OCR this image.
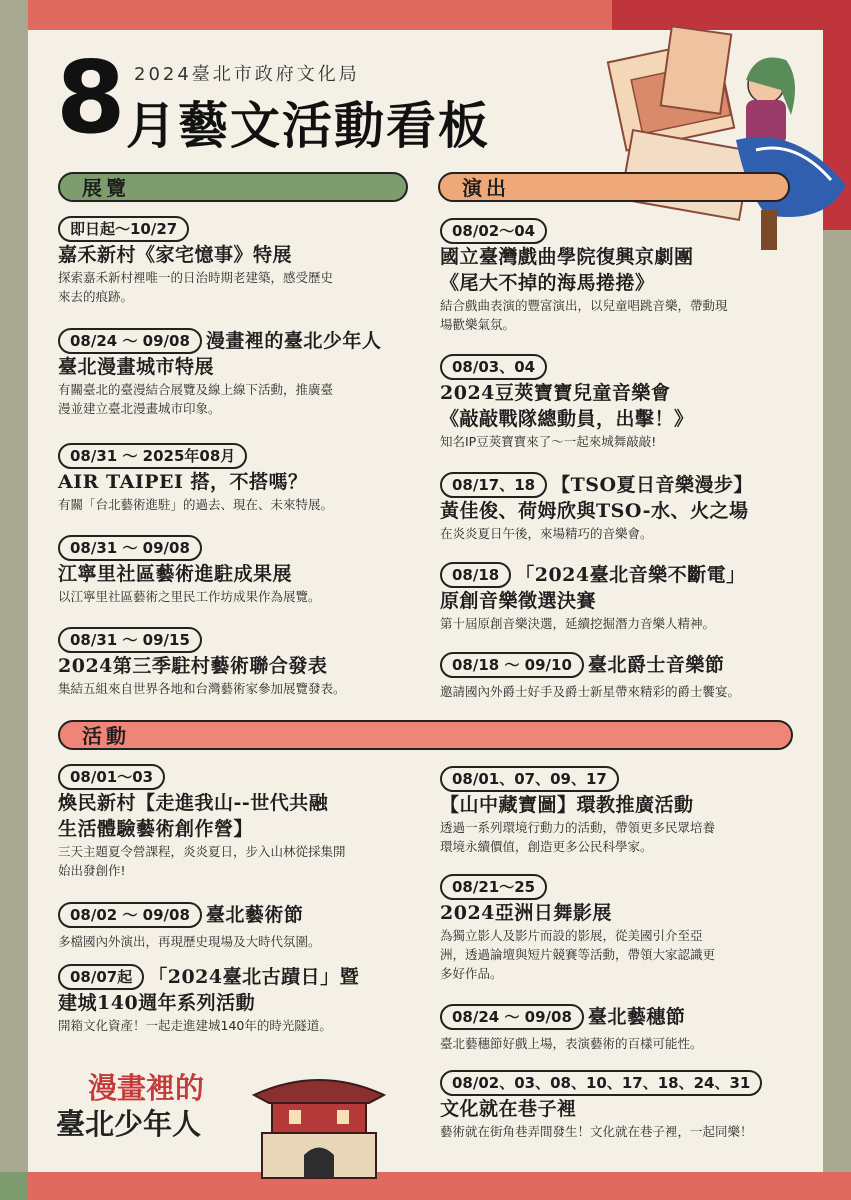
2024臺北市政府文化局
8 月藝文活動看板
展覽	演出
活動
即日起～10/27
嘉禾新村《家宅憶事》特展
探索嘉禾新村裡唯一的日治時期老建築，感受歷史
來去的痕跡。
08/24 ～ 09/08 漫畫裡的臺北少年人
臺北漫畫城市特展
有關臺北的臺漫結合展覽及線上線下活動，推廣臺
漫並建立臺北漫畫城市印象。
08/31 ～ 2025年08月
AIR TAIPEI 搭，不搭嗎？
有關「台北藝術進駐」的過去、現在、未來特展。
08/31 ～ 09/08
江寧里社區藝術進駐成果展
以江寧里社區藝術之里民工作坊成果作為展覽。
08/31 ～ 09/15
2024第三季駐村藝術聯合發表
集結五組來自世界各地和台灣藝術家參加展覽發表。
08/02～04
國立臺灣戲曲學院復興京劇團
《尾大不掉的海馬捲捲》
結合戲曲表演的豐富演出，以兒童唱跳音樂，帶動現
場歡樂氣氛。
08/03、04
2024豆莢寶寶兒童音樂會
《敲敲戰隊總動員，出擊！》
知名IP豆莢寶寶來了～一起來城舞敲敲!
08/17、18 【TSO夏日音樂漫步】
黃佳俊、荷姆欣與TSO-水、火之場
在炎炎夏日午後，來場精巧的音樂會。
08/18 「2024臺北音樂不斷電」
原創音樂徵選決賽
第十屆原創音樂決選，延續挖掘潛力音樂人精神。
08/18 ～ 09/10 臺北爵士音樂節
邀請國內外爵士好手及爵士新星帶來精彩的爵士饗宴。
08/01～03
煥民新村【走進我山--世代共融
生活體驗藝術創作營】
三天主題夏令營課程，炎炎夏日，步入山林從採集開
始出發創作!
08/02 ～ 09/08 臺北藝術節
多檔國內外演出，再現歷史現場及大時代氛圍。
08/07起 「2024臺北古蹟日」暨
建城140週年系列活動
開箱文化資產！一起走進建城140年的時光隧道。
08/01、07、09、17
【山中藏寶圖】環教推廣活動
透過一系列環境行動力的活動，帶領更多民眾培養
環境永續價值，創造更多公民科學家。
08/21～25
2024亞洲日舞影展
為獨立影人及影片而設的影展，從美國引介至亞
洲，透過論壇與短片競賽等活動，帶領大家認識更
多好作品。
08/24 ～ 09/08 臺北藝穗節
臺北藝穗節好戲上場，表演藝術的百樣可能性。
08/02、03、08、10、17、18、24、31
文化就在巷子裡
藝術就在街角巷弄間發生！文化就在巷子裡，一起同樂！
漫畫裡的
臺北少年人
